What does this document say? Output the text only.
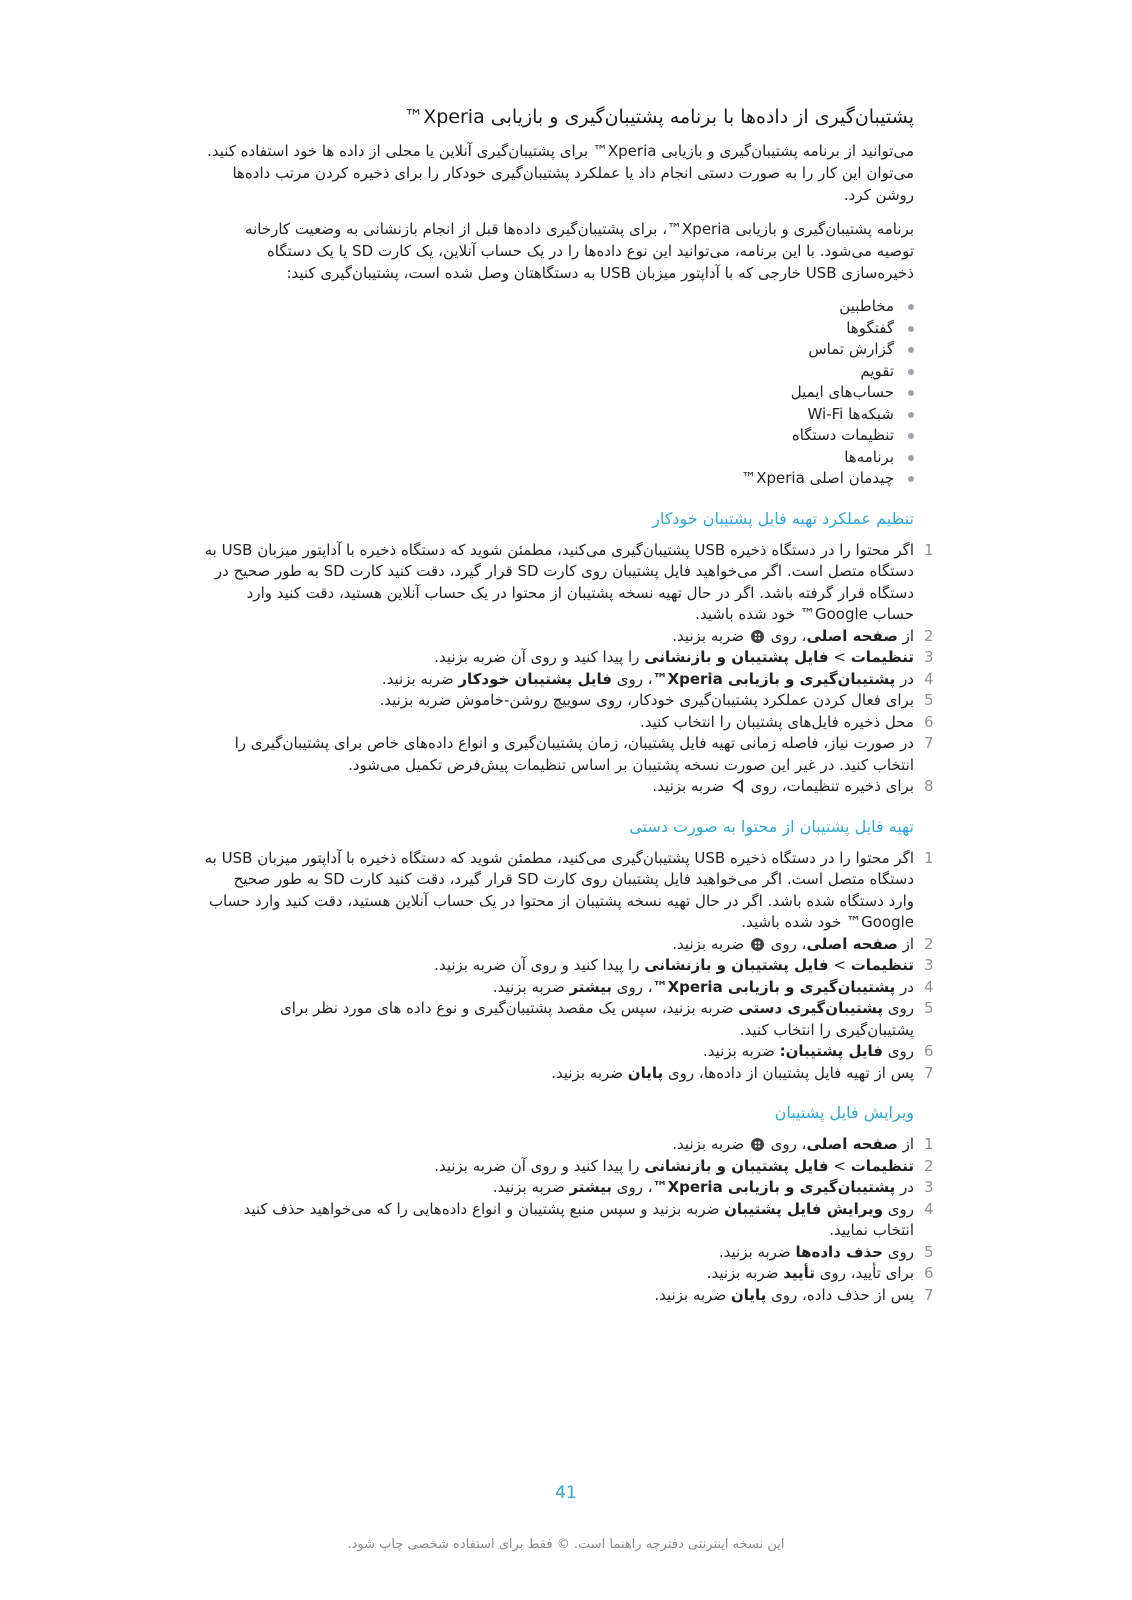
پشتیبان‌گیری از داده‌ها با برنامه پشتیبان‌گیری و بازیابی Xperia™

می‌توانید از برنامه پشتیبان‌گیری و بازیابی Xperia™ برای پشتیبان‌گیری آنلاین یا محلی از داده ها خود استفاده کنید. می‌توان این کار را به صورت دستی انجام داد یا عملکرد پشتیبان‌گیری خودکار را برای ذخیره کردن مرتب داده‌ها روشن کرد.

برنامه پشتیبان‌گیری و بازیابی Xperia™، برای پشتیبان‌گیری داده‌ها قبل از انجام بازنشانی به وضعیت کارخانه توصیه می‌شود. با این برنامه، می‌توانید این نوع داده‌ها را در یک حساب آنلاین، یک کارت SD یا یک دستگاه ذخیره‌سازی USB خارجی که با آداپتور میزبان USB به دستگاهتان وصل شده است، پشتیبان‌گیری کنید:

مخاطبین
گفتگوها
گزارش تماس
تقویم
حساب‌های ایمیل
شبکه‌ها Wi-Fi
تنظیمات دستگاه
برنامه‌ها
چیدمان اصلی Xperia™
تنظیم عملکرد تهیه فایل پشتیبان خودکار
1
اگر محتوا را در دستگاه ذخیره USB پشتیبان‌گیری می‌کنید، مطمئن شوید که دستگاه ذخیره با آداپتور میزبان USB به دستگاه متصل است. اگر می‌خواهید فایل پشتیبان روی کارت SD قرار گیرد، دقت کنید کارت SD به طور صحیح در دستگاه قرار گرفته باشد. اگر در حال تهیه نسخه پشتیبان از محتوا در یک حساب آنلاین هستید، دقت کنید وارد حساب Google™ خود شده باشید.
2
از صفحه اصلی، روی  ضربه بزنید.
3
تنظیمات > فایل پشتیبان و بازنشانی را پیدا کنید و روی آن ضربه بزنید.
4
در پشتیبان‌گیری و بازیابی Xperia™، روی فایل پشتیبان خودکار ضربه بزنید.
5
برای فعال کردن عملکرد پشتیبان‌گیری خودکار، روی سوییچ روشن-خاموش ضربه بزنید.
6
محل ذخیره فایل‌های پشتیبان را انتخاب کنید.
7
در صورت نیاز، فاصله زمانی تهیه فایل پشتیبان، زمان پشتیبان‌گیری و انواع داده‌های خاص برای پشتیبان‌گیری را انتخاب کنید. در غیر این صورت نسخه پشتیبان بر اساس تنظیمات پیش‌فرض تکمیل می‌شود.
8
برای ذخیره تنظیمات، روی  ضربه بزنید.
تهیه فایل پشتیبان از محتوا به صورت دستی
1
اگر محتوا را در دستگاه ذخیره USB پشتیبان‌گیری می‌کنید، مطمئن شوید که دستگاه ذخیره با آداپتور میزبان USB به دستگاه متصل است. اگر می‌خواهید فایل پشتیبان روی کارت SD قرار گیرد، دقت کنید کارت SD به طور صحیح وارد دستگاه شده باشد. اگر در حال تهیه نسخه پشتیبان از محتوا در یک حساب آنلاین هستید، دقت کنید وارد حساب Google™ خود شده باشید.
2
از صفحه اصلی، روی  ضربه بزنید.
3
تنظیمات > فایل پشتیبان و بازنشانی را پیدا کنید و روی آن ضربه بزنید.
4
در پشتیبان‌گیری و بازیابی Xperia™، روی بیشتر ضربه بزنید.
5
روی پشتیبان‌گیری دستی ضربه بزنید، سپس یک مقصد پشتیبان‌گیری و نوع داده های مورد نظر برای پشتیبان‌گیری را انتخاب کنید.
6
روی فایل پشتیبان: ضربه بزنید.
7
پس از تهیه فایل پشتیبان از داده‌ها، روی پایان ضربه بزنید.
ویرایش فایل پشتیبان
1
از صفحه اصلی، روی  ضربه بزنید.
2
تنظیمات > فایل پشتیبان و بازنشانی را پیدا کنید و روی آن ضربه بزنید.
3
در پشتیبان‌گیری و بازیابی Xperia™، روی بیشتر ضربه بزنید.
4
روی ویرایش فایل پشتیبان ضربه بزنید و سپس منبع پشتیبان و انواع داده‌هایی را که می‌خواهید حذف کنید انتخاب نمایید.
5
روی حذف داده‌ها ضربه بزنید.
6
برای تأیید، روی تأیید ضربه بزنید.
7
پس از حذف داده، روی پایان ضربه بزنید.
41
این نسخه اینترنتی دفترچه راهنما است. © فقط برای استفاده شخصی چاپ شود.
